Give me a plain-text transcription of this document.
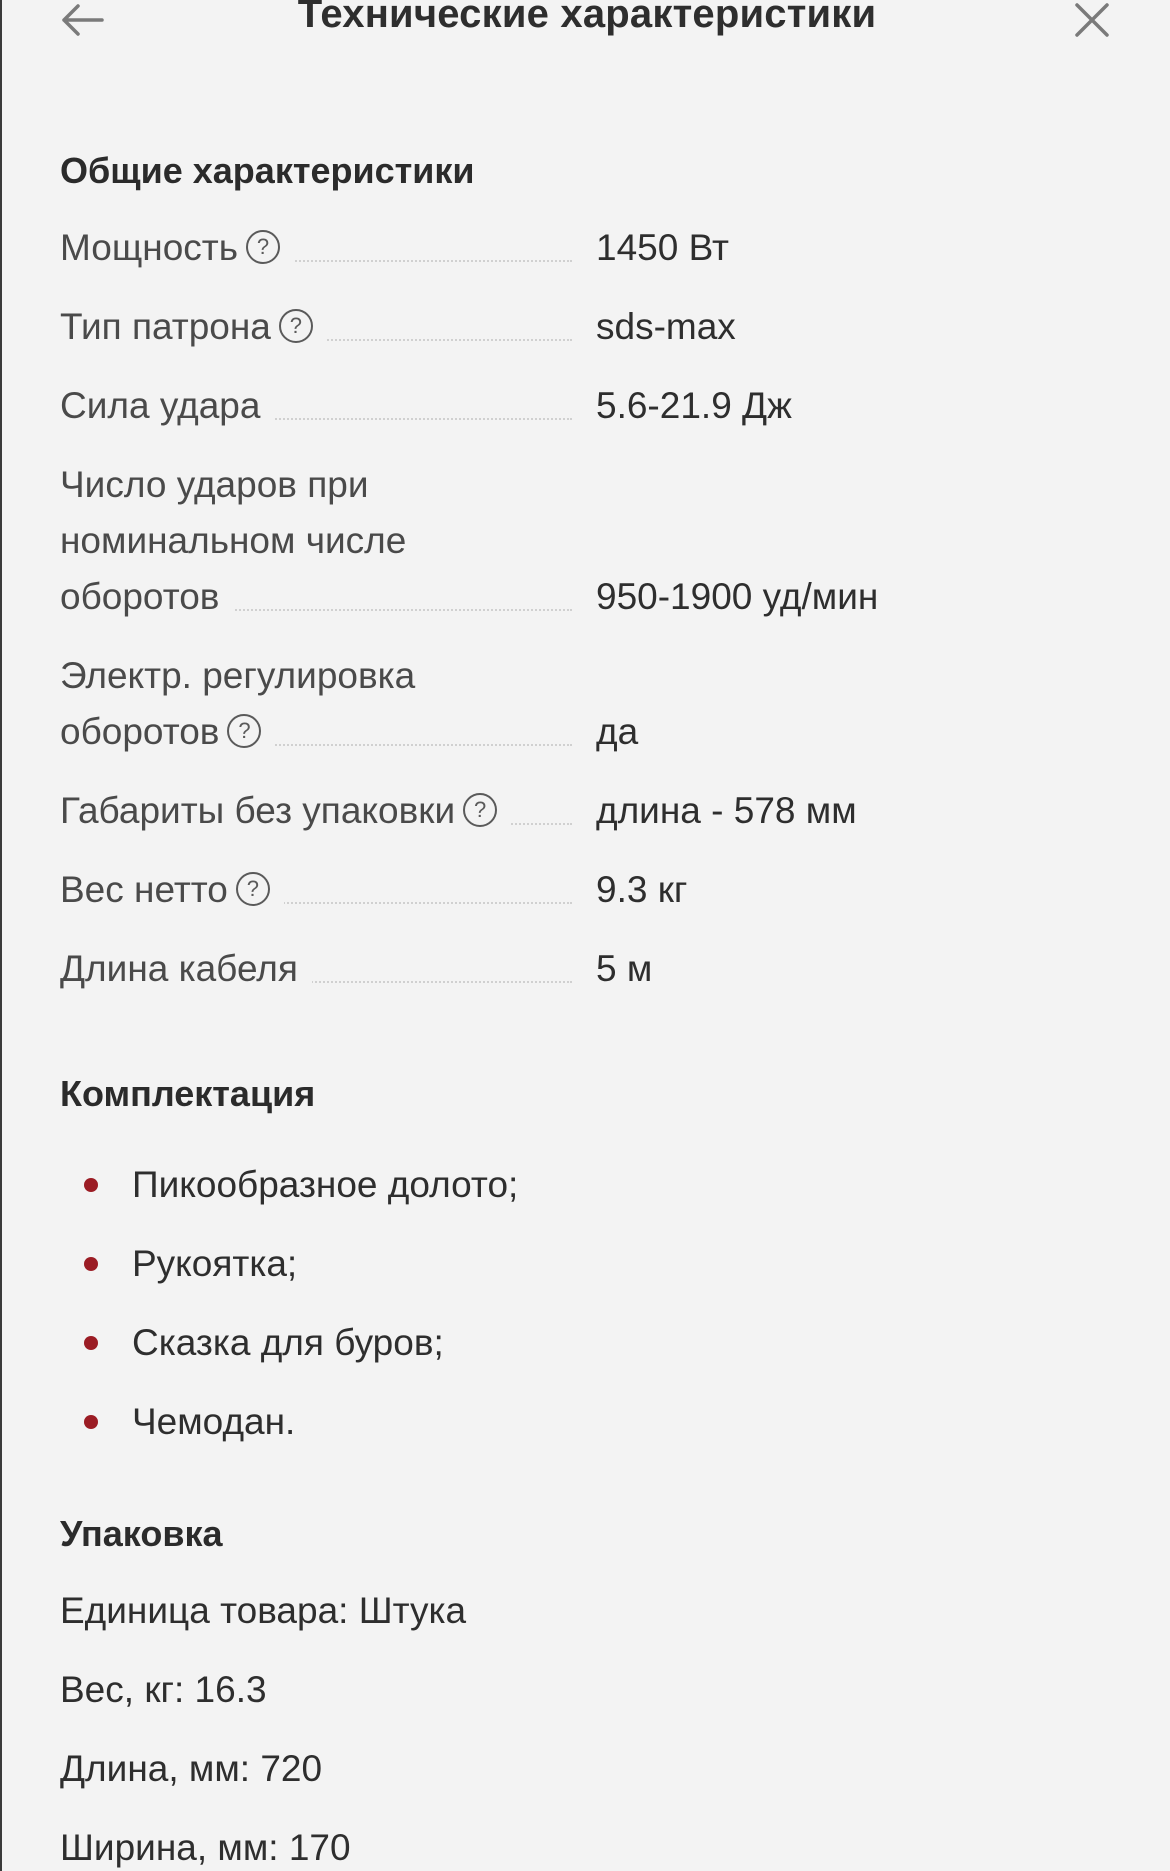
Технические характеристики
Общие характеристики
Мощность ?	1450 Вт
Тип патрона ?	sds-max
Сила удара	5.6-21.9 Дж
Число ударов при
номинальном числе
оборотов	950-1900 уд/мин
Электр. регулировка
оборотов ?	да
Габариты без упаковки ?	длина - 578 мм
Вес нетто ?	9.3 кг
Длина кабеля	5 м
Комплектация
Пикообразное долото;
Рукоятка;
Сказка для буров;
Чемодан.
Упаковка
Единица товара: Штука
Вес, кг: 16.3
Длина, мм: 720
Ширина, мм: 170
